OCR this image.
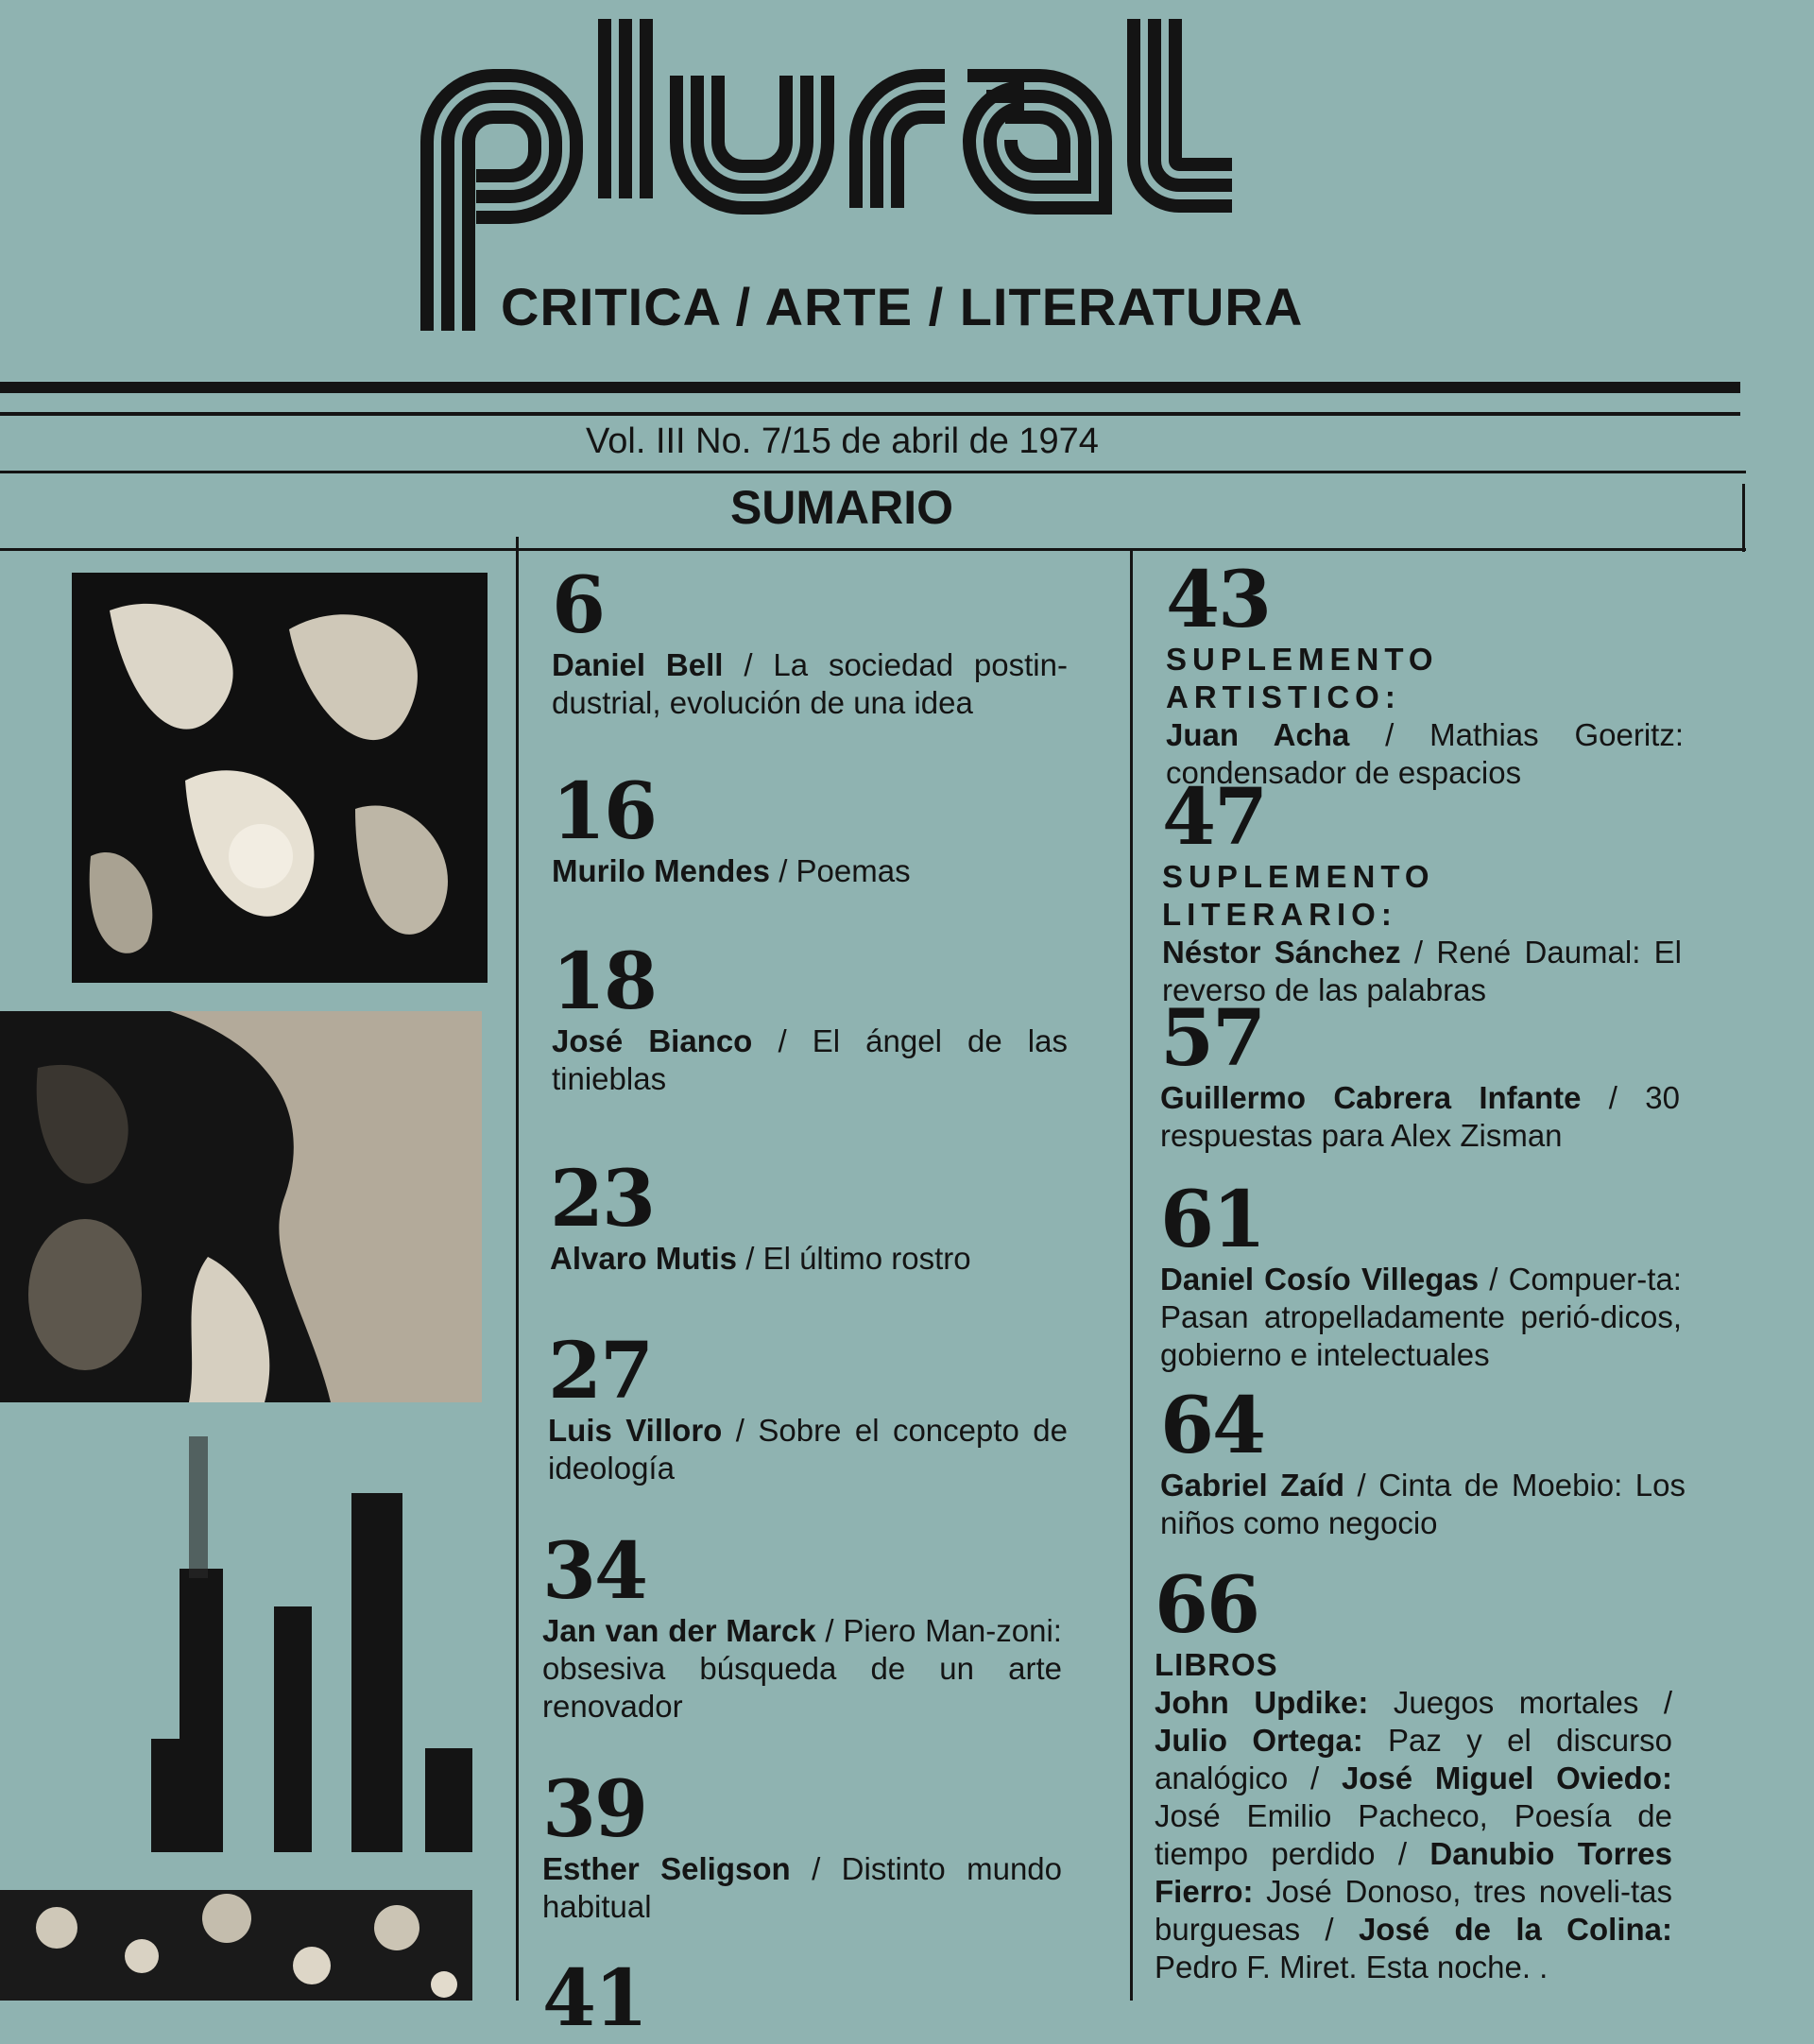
CRITICA / ARTE / LITERATURA
Vol. III No. 7/15 de abril de 1974
SUMARIO
6
Daniel Bell / La sociedad postin-dustrial, evolución de una idea
16
Murilo Mendes / Poemas
18
José Bianco / El ángel de las tinieblas
23
Alvaro Mutis / El último rostro
27
Luis Villoro / Sobre el concepto de ideología
34
Jan van der Marck / Piero Man-zoni: obsesiva búsqueda de un arte renovador
39
Esther Seligson / Distinto mundo habitual
41
43
SUPLEMENTO ARTISTICO:
Juan Acha / Mathias Goeritz: condensador de espacios
47
SUPLEMENTO LITERARIO:
Néstor Sánchez / René Daumal: El reverso de las palabras
57
Guillermo Cabrera Infante / 30 respuestas para Alex Zisman
61
Daniel Cosío Villegas / Compuer-ta: Pasan atropelladamente perió-dicos, gobierno e intelectuales
64
Gabriel Zaíd / Cinta de Moebio: Los niños como negocio
66
LIBROS
John Updike: Juegos mortales / Julio Ortega: Paz y el discurso analógico / José Miguel Oviedo: José Emilio Pacheco, Poesía de tiempo perdido / Danubio Torres Fierro: José Donoso, tres noveli-tas burguesas / José de la Colina: Pedro F. Miret. Esta noche. .
